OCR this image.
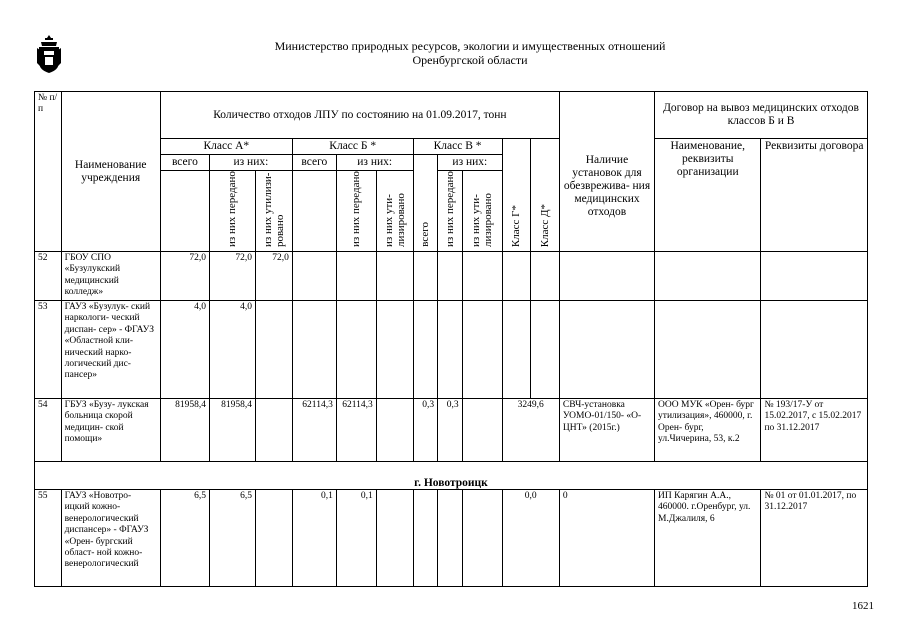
Министерство природных ресурсов, экологии и имущественных отношений
Оренбургской области
№ п/ п	Наименование учреждения	Количество отходов ЛПУ по состоянию на 01.09.2017, тонн											Наличие установок для обезврежива- ния медицинских отходов	Договор на вывоз медицинских отходов классов Б и В	
		Класс А*			Класс Б *			Класс В *			Класс Г*	Класс Д*		Наименование, реквизиты организации	Реквизиты договора
		всего	из них:		всего	из них:		всего	из них:						

			из них передано	из них утилизи- ровано		из них передано	из них ути- лизировано		из них передано	из них ути- лизировано					

52	ГБОУ СПО «Бузулукский медицинский колледж»	72,0	72,0	72,0											
53	ГАУЗ «Бузулук- ский наркологи- ческий диспан- сер» - ФГАУЗ «Областной кли- нический нарко- логический дис- пансер»	4,0	4,0												
54	ГБУЗ «Бузу- лукская больница скорой медицин- ской помощи»	81958,4	81958,4		62114,3	62114,3		0,3	0,3		3249,6		СВЧ-установка УОМО-01/150- «О-ЦНТ» (2015г.)	ООО МУК «Орен- бург утилизация», 460000, г. Орен- бург, ул.Чичерина, 53, к.2	№ 193/17-У от 15.02.2017, с 15.02.2017 по 31.12.2017
г. Новотроицк															
55	ГАУЗ «Новотро- ицкий кожно- венерологический диспансер» - ФГАУЗ «Орен- бургский област- ной кожно- венерологический	6,5	6,5		0,1	0,1					0,0		0	ИП Карягин А.А., 460000. г.Оренбург, ул. М.Джалиля, 6	№ 01 от 01.01.2017, по 31.12.2017
1621
